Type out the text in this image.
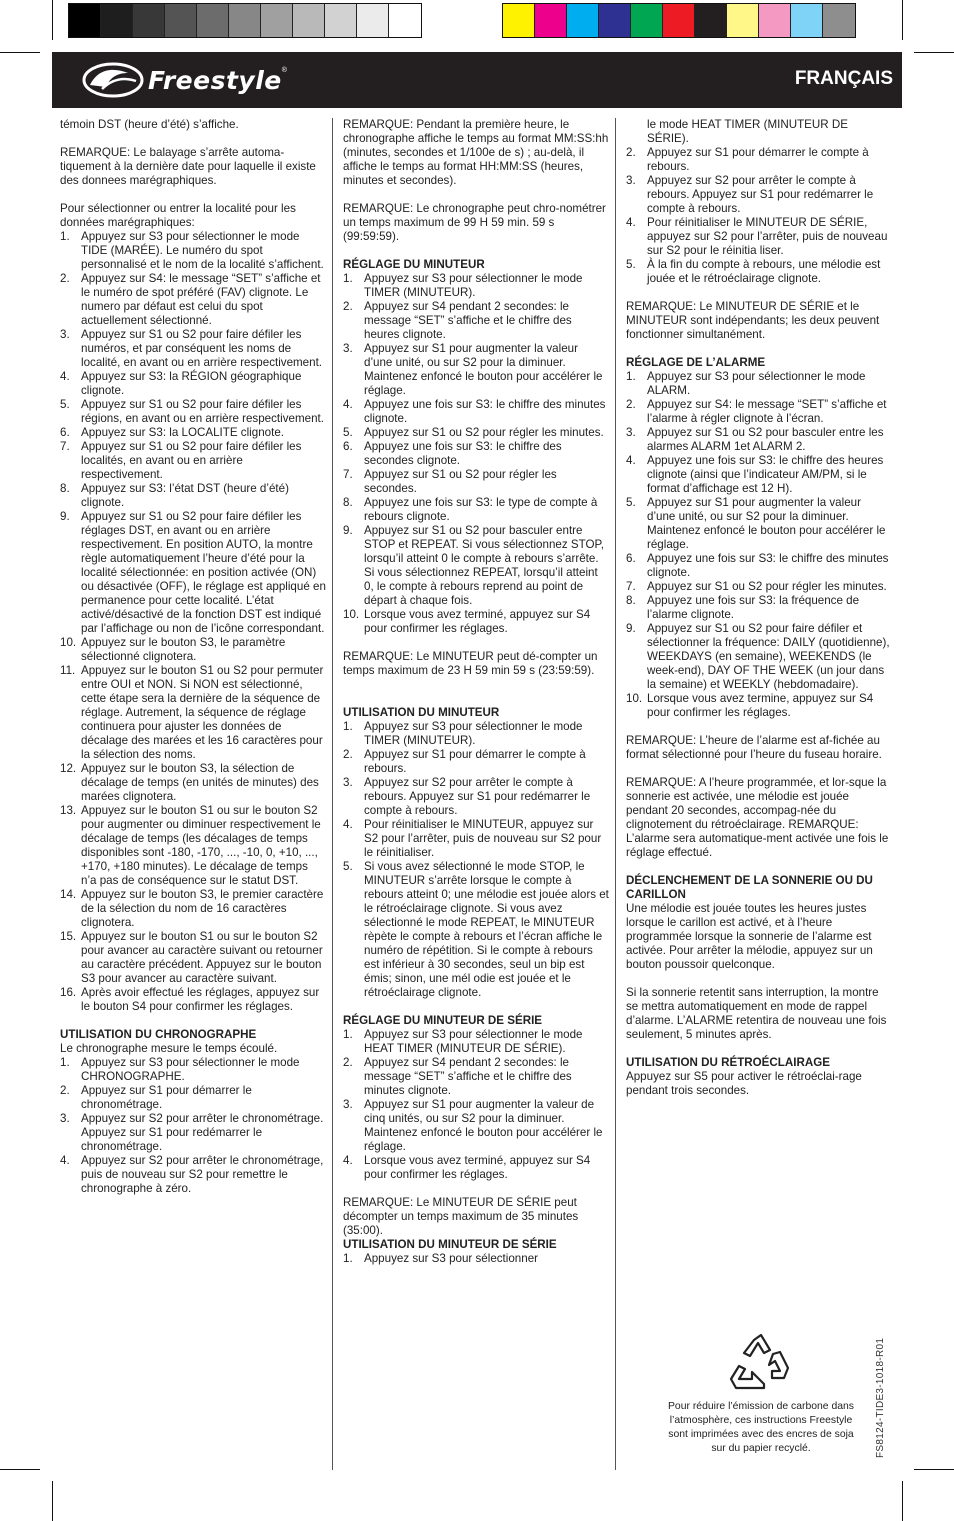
Freestyle ®	FRANÇAIS

témoin DST (heure d’été) s’affiche.

REMARQUE: Le balayage s’arrête automa-tiquement à la dernière date pour laquelle il existe des donnees marégraphiques.

Pour sélectionner ou entrer la localité pour les données marégraphiques:

1. Appuyez sur S3 pour sélectionner le mode TIDE (MARÉE). Le numéro du spot personnalisé et le nom de la localité s’affichent.
2. Appuyez sur S4: le message “SET” s’affiche et le numéro de spot préféré (FAV) clignote. Le numero par défaut est celui du spot actuellement sélectionné.
3. Appuyez sur S1 ou S2 pour faire défiler les numéros, et par conséquent les noms de localité, en avant ou en arrière respectivement.
4. Appuyez sur S3: la RÉGION géographique clignote.
5. Appuyez sur S1 ou S2 pour faire défiler les régions, en avant ou en arrière respectivement.
6. Appuyez sur S3: la LOCALITE clignote.
7. Appuyez sur S1 ou S2 pour faire défiler les localités, en avant ou en arrière respectivement.
8. Appuyez sur S3: l’état DST (heure d’été) clignote.
9. Appuyez sur S1 ou S2 pour faire défiler les réglages DST, en avant ou en arrière respectivement. En position AUTO, la montre règle automatiquement l’heure d’été pour la localité sélectionnée: en position activée (ON) ou désactivée (OFF), le réglage est appliqué en permanence pour cette localité. L’état activé/désactivé de la fonction DST est indiqué par l’affichage ou non de l’icône correspondant.
10. Appuyez sur le bouton S3, le paramètre sélectionné clignotera.
11. Appuyez sur le bouton S1 ou S2 pour permuter entre OUI et NON. Si NON est sélectionné, cette étape sera la dernière de la séquence de réglage. Autrement, la séquence de réglage continuera pour ajuster les données de décalage des marées et les 16 caractères pour la sélection des noms.
12. Appuyez sur le bouton S3, la sélection de décalage de temps (en unités de minutes) des marées clignotera.
13. Appuyez sur le bouton S1 ou sur le bouton S2 pour augmenter ou diminuer respectivement le décalage de temps (les décalages de temps disponibles sont -180, -170, ..., -10, 0, +10, ..., +170, +180 minutes). Le décalage de temps n’a pas de conséquence sur le statut DST.
14. Appuyez sur le bouton S3, le premier caractère de la sélection du nom de 16 caractères clignotera.
15. Appuyez sur le bouton S1 ou sur le bouton S2 pour avancer au caractère suivant ou retourner au caractère précédent. Appuyez sur le bouton S3 pour avancer au caractère suivant.
16. Après avoir effectué les réglages, appuyez sur le bouton S4 pour confirmer les réglages.

UTILISATION DU CHRONOGRAPHE

Le chronographe mesure le temps écoulé.

1. Appuyez sur S3 pour sélectionner le mode CHRONOGRAPHE.
2. Appuyez sur S1 pour démarrer le chronométrage.
3. Appuyez sur S2 pour arrêter le chronométrage. Appuyez sur S1 pour redémarrer le chronométrage.
4. Appuyez sur S2 pour arrêter le chronométrage, puis de nouveau sur S2 pour remettre le chronographe à zéro.

REMARQUE: Pendant la première heure, le chronographe affiche le temps au format MM:SS:hh (minutes, secondes et 1/100e de s) ; au-delà, il affiche le temps au format HH:MM:SS (heures, minutes et secondes).

REMARQUE: Le chronographe peut chro-nométrer un temps maximum de 99 H 59 min. 59 s (99:59:59).

RÉGLAGE DU MINUTEUR

1. Appuyez sur S3 pour sélectionner le mode TIMER (MINUTEUR).
2. Appuyez sur S4 pendant 2 secondes: le message “SET” s’affiche et le chiffre des heures clignote.
3. Appuyez sur S1 pour augmenter la valeur d’une unité, ou sur S2 pour la diminuer. Maintenez enfoncé le bouton pour accélérer le réglage.
4. Appuyez une fois sur S3: le chiffre des minutes clignote.
5. Appuyez sur S1 ou S2 pour régler les minutes.
6. Appuyez une fois sur S3: le chiffre des secondes clignote.
7. Appuyez sur S1 ou S2 pour régler les secondes.
8. Appuyez une fois sur S3: le type de compte à rebours clignote.
9. Appuyez sur S1 ou S2 pour basculer entre STOP et REPEAT. Si vous sélectionnez STOP, lorsqu’il atteint 0 le compte à rebours s’arrête. Si vous sélectionnez REPEAT, lorsqu’il atteint 0, le compte à rebours reprend au point de départ à chaque fois.
10. Lorsque vous avez terminé, appuyez sur S4 pour confirmer les réglages.

REMARQUE: Le MINUTEUR peut dé-compter un temps maximum de 23 H 59 min 59 s (23:59:59).

UTILISATION DU MINUTEUR

1. Appuyez sur S3 pour sélectionner le mode TIMER (MINUTEUR).
2. Appuyez sur S1 pour démarrer le compte à rebours.
3. Appuyez sur S2 pour arrêter le compte à rebours. Appuyez sur S1 pour redémarrer le compte à rebours.
4. Pour réinitialiser le MINUTEUR, appuyez sur S2 pour l’arrêter, puis de nouveau sur S2 pour le réinitialiser.
5. Si vous avez sélectionné le mode STOP, le MINUTEUR s’arrête lorsque le compte à rebours atteint 0; une mélodie est jouée alors et le rétroéclairage clignote. Si vous avez sélectionné le mode REPEAT, le MINUTEUR rèpète le compte à rebours et l’écran affiche le numéro de répétition. Si le compte à rebours est inférieur à 30 secondes, seul un bip est émis; sinon, une mél odie est jouée et le rétroéclairage clignote.

RÉGLAGE DU MINUTEUR DE SÉRIE

1. Appuyez sur S3 pour sélectionner le mode HEAT TIMER (MINUTEUR DE SÉRIE).
2. Appuyez sur S4 pendant 2 secondes: le message “SET” s’affiche et le chiffre des minutes clignote.
3. Appuyez sur S1 pour augmenter la valeur de cinq unités, ou sur S2 pour la diminuer. Maintenez enfoncé le bouton pour accélérer le réglage.
4. Lorsque vous avez terminé, appuyez sur S4 pour confirmer les réglages.

REMARQUE: Le MINUTEUR DE SÉRIE peut décompter un temps maximum de 35 minutes (35:00).

UTILISATION DU MINUTEUR DE SÉRIE

1. Appuyez sur S3 pour sélectionner
le mode HEAT TIMER (MINUTEUR DE SÉRIE).
2. Appuyez sur S1 pour démarrer le compte à rebours.
3. Appuyez sur S2 pour arrêter le compte à rebours. Appuyez sur S1 pour redémarrer le compte à rebours.
4. Pour réinitialiser le MINUTEUR DE SÉRIE, appuyez sur S2 pour l’arrêter, puis de nouveau sur S2 pour le réinitia liser.
5. À la fin du compte à rebours, une mélodie est jouée et le rétroéclairage clignote.

REMARQUE: Le MINUTEUR DE SÉRIE et le MINUTEUR sont indépendants; les deux peuvent fonctionner simultanément.

RÉGLAGE DE L’ALARME

1. Appuyez sur S3 pour sélectionner le mode ALARM.
2. Appuyez sur S4: le message “SET” s’affiche et l’alarme à régler clignote à l’écran.
3. Appuyez sur S1 ou S2 pour basculer entre les alarmes ALARM 1et ALARM 2.
4. Appuyez une fois sur S3: le chiffre des heures clignote (ainsi que l’indicateur AM/PM, si le format d’affichage est 12 H).
5. Appuyez sur S1 pour augmenter la valeur d’une unité, ou sur S2 pour la diminuer. Maintenez enfoncé le bouton pour accélérer le réglage.
6. Appuyez une fois sur S3: le chiffre des minutes clignote.
7. Appuyez sur S1 ou S2 pour régler les minutes.
8. Appuyez une fois sur S3: la fréquence de l’alarme clignote.
9. Appuyez sur S1 ou S2 pour faire défiler et sélectionner la fréquence: DAILY (quotidienne), WEEKDAYS (en semaine), WEEKENDS (le week-end), DAY OF THE WEEK (un jour dans la semaine) et WEEKLY (hebdomadaire).
10. Lorsque vous avez termine, appuyez sur S4 pour confirmer les réglages.

REMARQUE: L’heure de l’alarme est af-fichée au format sélectionné pour l’heure du fuseau horaire.

REMARQUE: A l’heure programmée, et lor-sque la sonnerie est activée, une mélodie est jouée pendant 20 secondes, accompag-née du clignotement du rétroéclairage. REMARQUE: L’alarme sera automatique-ment activée une fois le réglage effectué.

DÉCLENCHEMENT DE LA SONNERIE OU DU CARILLON

Une mélodie est jouée toutes les heures justes lorsque le carillon est activé, et à l’heure programmée lorsque la sonnerie de l’alarme est activée. Pour arrêter la mélodie, appuyez sur un bouton poussoir quelconque.

Si la sonnerie retentit sans interruption, la montre se mettra automatiquement en mode de rappel d’alarme. L’ALARME retentira de nouveau une fois seulement, 5 minutes après.

UTILISATION DU RÉTROÉCLAIRAGE

Appuyez sur S5 pour activer le rétroéclai-rage pendant trois secondes.

Pour réduire l’émission de carbone dans l’atmosphère, ces instructions Freestyle sont imprimées avec des encres de soja sur du papier recyclé.	FS8124-TIDE3-1018-R01
